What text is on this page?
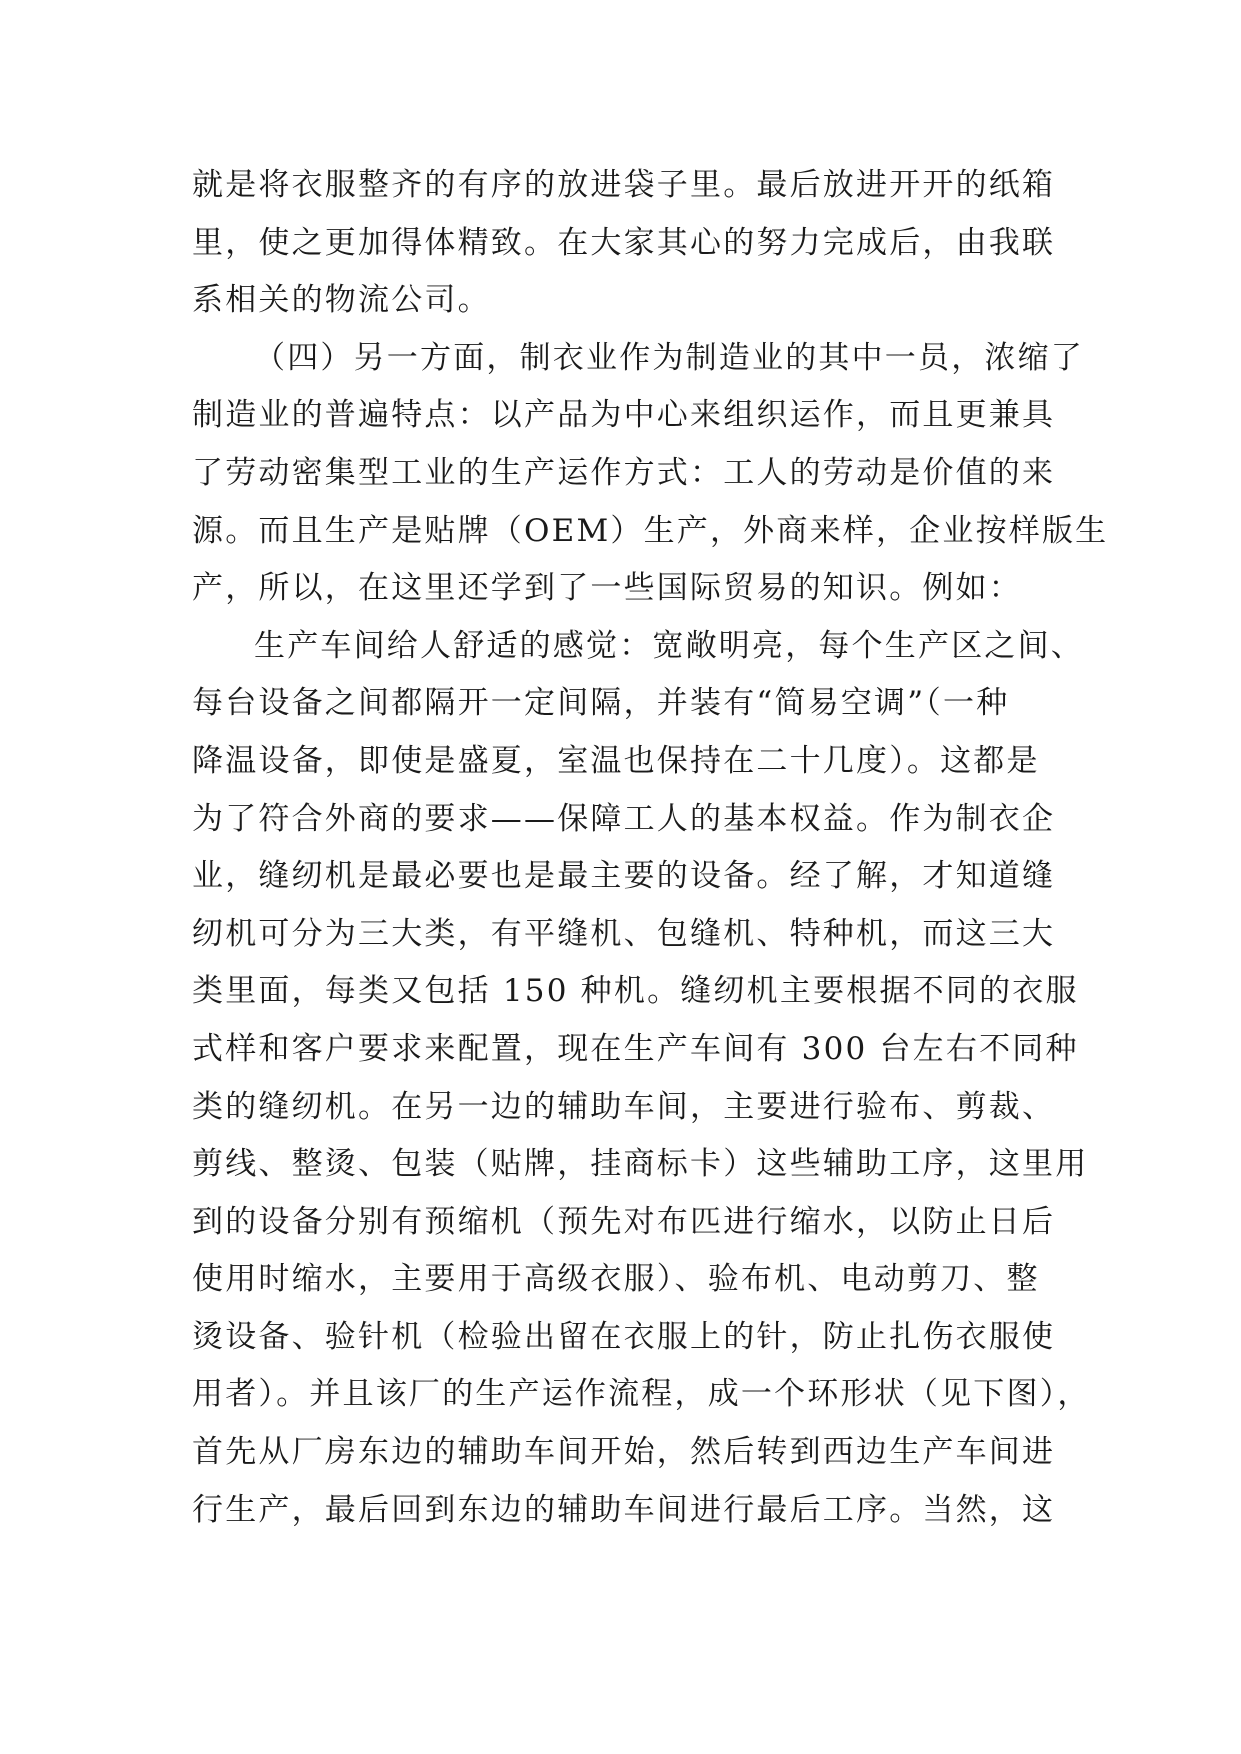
就是将衣服整齐的有序的放进袋子里。最后放进开开的纸箱
里，使之更加得体精致。在大家其心的努力完成后，由我联
系相关的物流公司。
（四）另一方面，制衣业作为制造业的其中一员，浓缩了
制造业的普遍特点：以产品为中心来组织运作，而且更兼具
了劳动密集型工业的生产运作方式：工人的劳动是价值的来
源。而且生产是贴牌（OEM）生产，外商来样，企业按样版生
产，所以，在这里还学到了一些国际贸易的知识。例如：
生产车间给人舒适的感觉：宽敞明亮，每个生产区之间、
每台设备之间都隔开一定间隔，并装有“简易空调”（一种
降温设备，即使是盛夏，室温也保持在二十几度）。这都是
为了符合外商的要求——保障工人的基本权益。作为制衣企
业，缝纫机是最必要也是最主要的设备。经了解，才知道缝
纫机可分为三大类，有平缝机、包缝机、特种机，而这三大
类里面，每类又包括 150 种机。缝纫机主要根据不同的衣服
式样和客户要求来配置，现在生产车间有 300 台左右不同种
类的缝纫机。在另一边的辅助车间，主要进行验布、剪裁、
剪线、整烫、包装（贴牌，挂商标卡）这些辅助工序，这里用
到的设备分别有预缩机（预先对布匹进行缩水，以防止日后
使用时缩水，主要用于高级衣服）、验布机、电动剪刀、整
烫设备、验针机（检验出留在衣服上的针，防止扎伤衣服使
用者）。并且该厂的生产运作流程，成一个环形状（见下图），
首先从厂房东边的辅助车间开始，然后转到西边生产车间进
行生产，最后回到东边的辅助车间进行最后工序。当然，这
